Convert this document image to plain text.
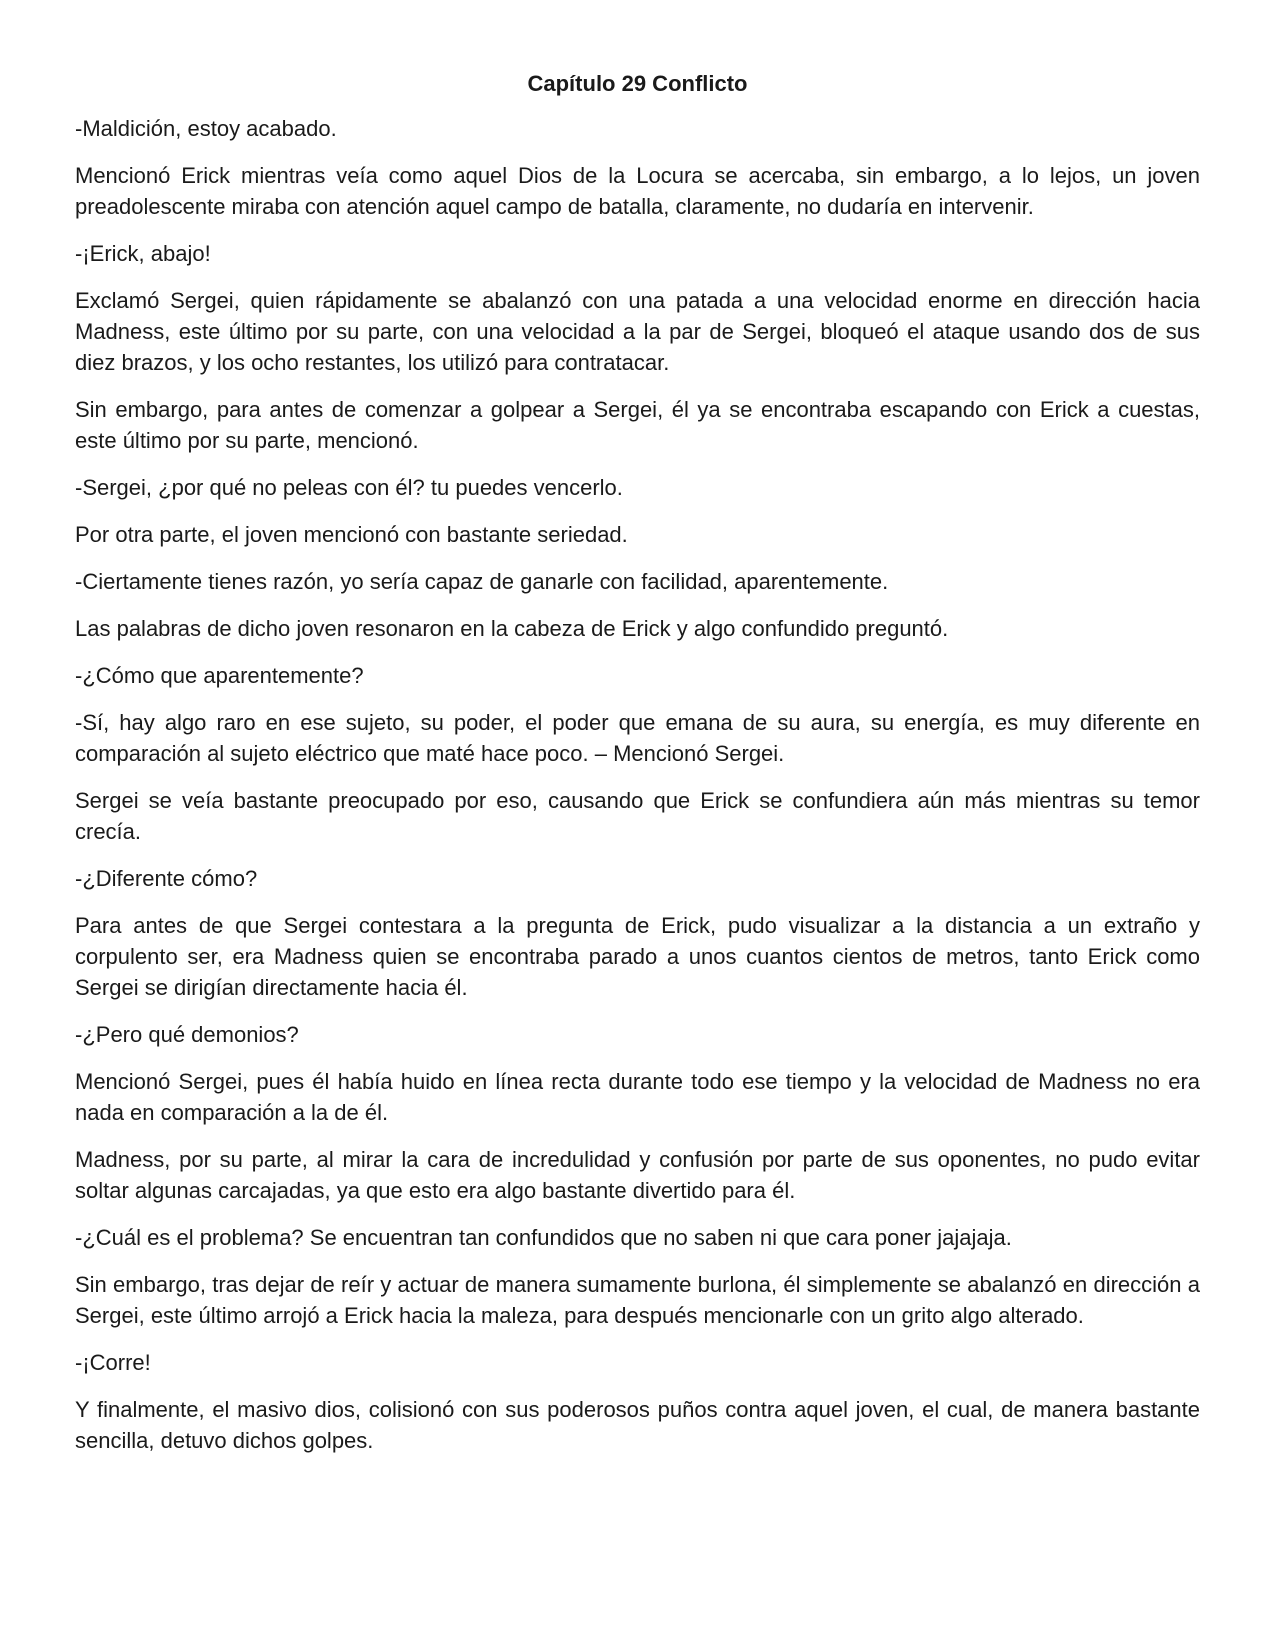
Capítulo 29 Conflicto

-Maldición, estoy acabado.

Mencionó Erick mientras veía como aquel Dios de la Locura se acercaba, sin embargo, a lo lejos, un joven preadolescente miraba con atención aquel campo de batalla, claramente, no dudaría en intervenir.

-¡Erick, abajo!

Exclamó Sergei, quien rápidamente se abalanzó con una patada a una velocidad enorme en dirección hacia Madness, este último por su parte, con una velocidad a la par de Sergei, bloqueó el ataque usando dos de sus diez brazos, y los ocho restantes, los utilizó para contratacar.

Sin embargo, para antes de comenzar a golpear a Sergei, él ya se encontraba escapando con Erick a cuestas, este último por su parte, mencionó.

-Sergei, ¿por qué no peleas con él? tu puedes vencerlo.

Por otra parte, el joven mencionó con bastante seriedad.

-Ciertamente tienes razón, yo sería capaz de ganarle con facilidad, aparentemente.

Las palabras de dicho joven resonaron en la cabeza de Erick y algo confundido preguntó.

-¿Cómo que aparentemente?

-Sí, hay algo raro en ese sujeto, su poder, el poder que emana de su aura, su energía, es muy diferente en comparación al sujeto eléctrico que maté hace poco. – Mencionó Sergei.

Sergei se veía bastante preocupado por eso, causando que Erick se confundiera aún más mientras su temor crecía.

-¿Diferente cómo?

Para antes de que Sergei contestara a la pregunta de Erick, pudo visualizar a la distancia a un extraño y corpulento ser, era Madness quien se encontraba parado a unos cuantos cientos de metros, tanto Erick como Sergei se dirigían directamente hacia él.

-¿Pero qué demonios?

Mencionó Sergei, pues él había huido en línea recta durante todo ese tiempo y la velocidad de Madness no era nada en comparación a la de él.

Madness, por su parte, al mirar la cara de incredulidad y confusión por parte de sus oponentes, no pudo evitar soltar algunas carcajadas, ya que esto era algo bastante divertido para él.

-¿Cuál es el problema? Se encuentran tan confundidos que no saben ni que cara poner jajajaja.

Sin embargo, tras dejar de reír y actuar de manera sumamente burlona, él simplemente se abalanzó en dirección a Sergei, este último arrojó a Erick hacia la maleza, para después mencionarle con un grito algo alterado.

-¡Corre!

Y finalmente, el masivo dios, colisionó con sus poderosos puños contra aquel joven, el cual, de manera bastante sencilla, detuvo dichos golpes.
